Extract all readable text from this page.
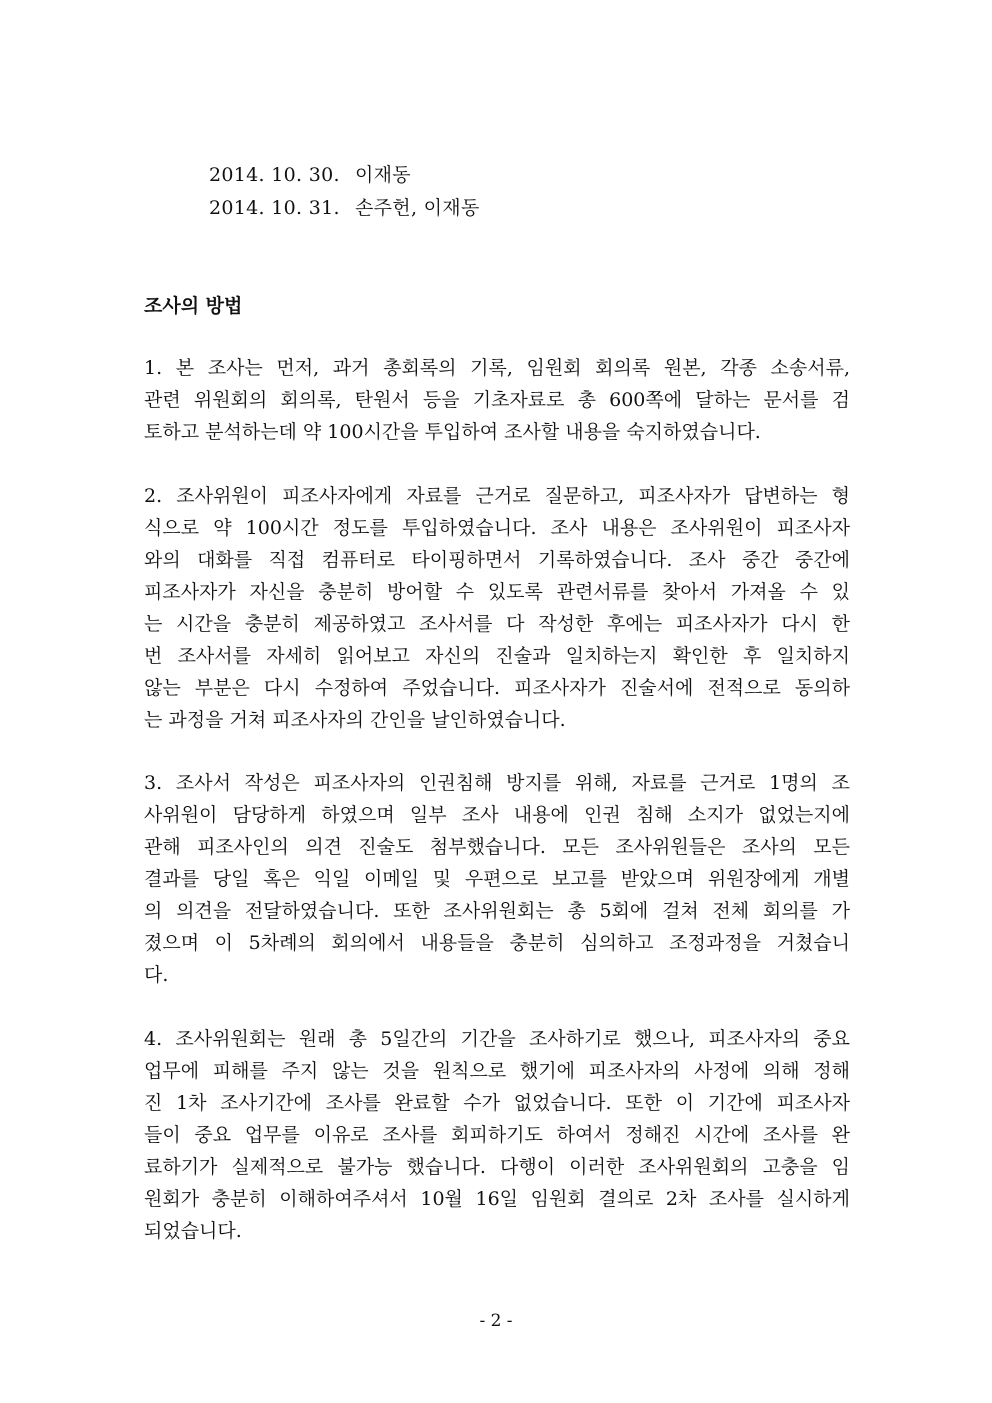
2014. 10. 30. 이재동
2014. 10. 31. 손주헌, 이재동
조사의 방법
1. 본 조사는 먼저, 과거 총회록의 기록, 임원회 회의록 원본, 각종 소송서류,
관련 위원회의 회의록, 탄원서 등을 기초자료로 총 600쪽에 달하는 문서를 검
토하고 분석하는데 약 100시간을 투입하여 조사할 내용을 숙지하였습니다.
2. 조사위원이 피조사자에게 자료를 근거로 질문하고, 피조사자가 답변하는 형
식으로 약 100시간 정도를 투입하였습니다. 조사 내용은 조사위원이 피조사자
와의 대화를 직접 컴퓨터로 타이핑하면서 기록하였습니다. 조사 중간 중간에
피조사자가 자신을 충분히 방어할 수 있도록 관련서류를 찾아서 가져올 수 있
는 시간을 충분히 제공하였고 조사서를 다 작성한 후에는 피조사자가 다시 한
번 조사서를 자세히 읽어보고 자신의 진술과 일치하는지 확인한 후 일치하지
않는 부분은 다시 수정하여 주었습니다. 피조사자가 진술서에 전적으로 동의하
는 과정을 거쳐 피조사자의 간인을 날인하였습니다.
3. 조사서 작성은 피조사자의 인권침해 방지를 위해, 자료를 근거로 1명의 조
사위원이 담당하게 하였으며 일부 조사 내용에 인권 침해 소지가 없었는지에
관해 피조사인의 의견 진술도 첨부했습니다. 모든 조사위원들은 조사의 모든
결과를 당일 혹은 익일 이메일 및 우편으로 보고를 받았으며 위원장에게 개별
의 의견을 전달하였습니다. 또한 조사위원회는 총 5회에 걸쳐 전체 회의를 가
졌으며 이 5차례의 회의에서 내용들을 충분히 심의하고 조정과정을 거쳤습니
다.
4. 조사위원회는 원래 총 5일간의 기간을 조사하기로 했으나, 피조사자의 중요
업무에 피해를 주지 않는 것을 원칙으로 했기에 피조사자의 사정에 의해 정해
진 1차 조사기간에 조사를 완료할 수가 없었습니다. 또한 이 기간에 피조사자
들이 중요 업무를 이유로 조사를 회피하기도 하여서 정해진 시간에 조사를 완
료하기가 실제적으로 불가능 했습니다. 다행이 이러한 조사위원회의 고충을 임
원회가 충분히 이해하여주셔서 10월 16일 임원회 결의로 2차 조사를 실시하게
되었습니다.
- 2 -
